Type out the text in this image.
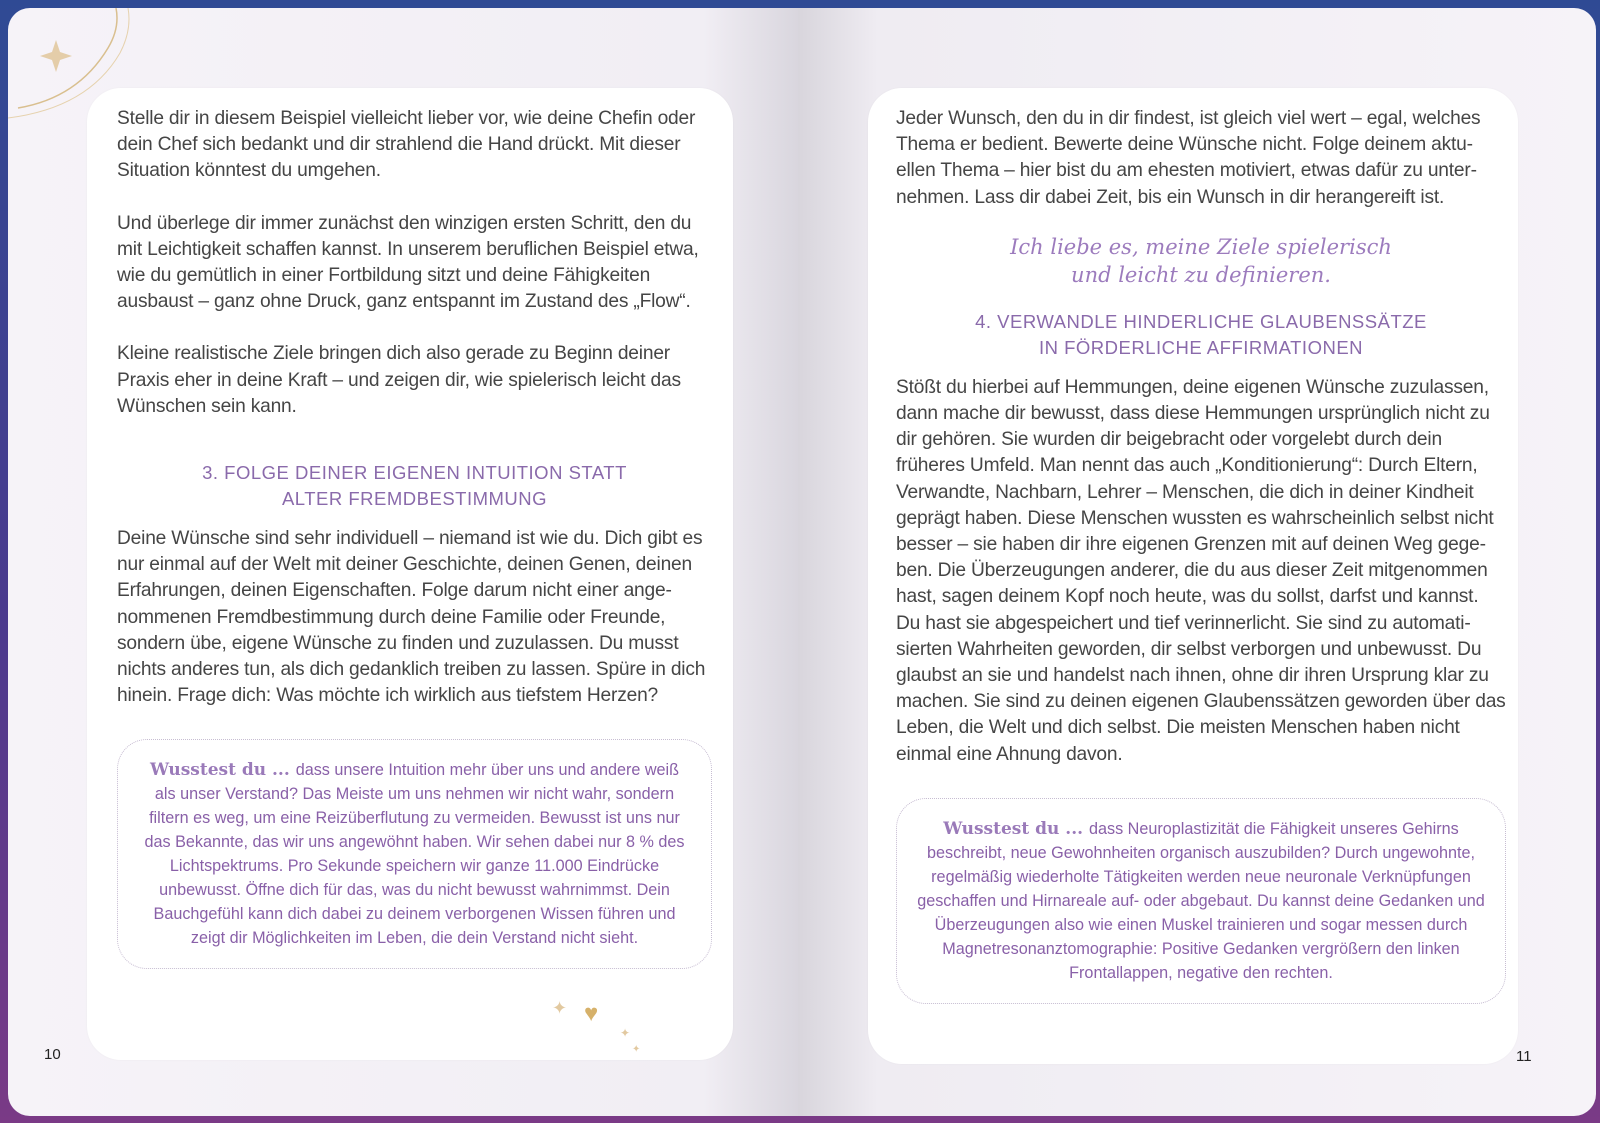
Stelle dir in diesem Beispiel vielleicht lieber vor, wie deine Chefin oder dein Chef sich bedankt und dir strahlend die Hand drückt. Mit dieser Situation könntest du umgehen.

Und überlege dir immer zunächst den winzigen ersten Schritt, den du mit Leichtigkeit schaffen kannst. In unserem beruflichen Beispiel etwa, wie du gemütlich in einer Fortbildung sitzt und deine Fähigkeiten ausbaust – ganz ohne Druck, ganz entspannt im Zustand des „Flow“.

Kleine realistische Ziele bringen dich also gerade zu Beginn deiner Praxis eher in deine Kraft – und zeigen dir, wie spielerisch leicht das Wünschen sein kann.

3. FOLGE DEINER EIGENEN INTUITION STATT
ALTER FREMDBESTIMMUNG

Deine Wünsche sind sehr individuell – niemand ist wie du. Dich gibt es nur einmal auf der Welt mit deiner Geschichte, deinen Genen, deinen Erfahrungen, deinen Eigenschaften. Folge darum nicht einer ange-nommenen Fremdbestimmung durch deine Familie oder Freunde, sondern übe, eigene Wünsche zu finden und zuzulassen. Du musst nichts anderes tun, als dich gedanklich treiben zu lassen. Spüre in dich hinein. Frage dich: Was möchte ich wirklich aus tiefstem Herzen?

Wusstest du ... dass unsere Intuition mehr über uns und andere weiß als unser Verstand? Das Meiste um uns nehmen wir nicht wahr, sondern filtern es weg, um eine Reizüberflutung zu vermeiden. Bewusst ist uns nur das Bekannte, das wir uns angewöhnt haben. Wir sehen dabei nur 8 % des Lichtspektrums. Pro Sekunde speichern wir ganze 11.000 Eindrücke unbewusst. Öffne dich für das, was du nicht bewusst wahrnimmst. Dein Bauchgefühl kann dich dabei zu deinem verborgenen Wissen führen und zeigt dir Möglichkeiten im Leben, die dein Verstand nicht sieht.
✦ ♥
✦
✦
10

Jeder Wunsch, den du in dir findest, ist gleich viel wert – egal, welches Thema er bedient. Bewerte deine Wünsche nicht. Folge deinem aktu-ellen Thema – hier bist du am ehesten motiviert, etwas dafür zu unter-nehmen. Lass dir dabei Zeit, bis ein Wunsch in dir herangereift ist.

Ich liebe es, meine Ziele spielerisch
und leicht zu definieren.
4. VERWANDLE HINDERLICHE GLAUBENSSÄTZE
IN FÖRDERLICHE AFFIRMATIONEN

Stößt du hierbei auf Hemmungen, deine eigenen Wünsche zuzulassen, dann mache dir bewusst, dass diese Hemmungen ursprünglich nicht zu dir gehören. Sie wurden dir beigebracht oder vorgelebt durch dein früheres Umfeld. Man nennt das auch „Konditionierung“: Durch Eltern, Verwandte, Nachbarn, Lehrer – Menschen, die dich in deiner Kindheit geprägt haben. Diese Menschen wussten es wahrscheinlich selbst nicht besser – sie haben dir ihre eigenen Grenzen mit auf deinen Weg gege-ben. Die Überzeugungen anderer, die du aus dieser Zeit mitgenommen hast, sagen deinem Kopf noch heute, was du sollst, darfst und kannst. Du hast sie abgespeichert und tief verinnerlicht. Sie sind zu automati-sierten Wahrheiten geworden, dir selbst verborgen und unbewusst. Du glaubst an sie und handelst nach ihnen, ohne dir ihren Ursprung klar zu machen. Sie sind zu deinen eigenen Glaubenssätzen geworden über das Leben, die Welt und dich selbst. Die meisten Menschen haben nicht einmal eine Ahnung davon.

Wusstest du ... dass Neuroplastizität die Fähigkeit unseres Gehirns beschreibt, neue Gewohnheiten organisch auszubilden? Durch ungewohnte, regelmäßig wiederholte Tätigkeiten werden neue neuronale Verknüpfungen geschaffen und Hirnareale auf- oder abgebaut. Du kannst deine Gedanken und Überzeugungen also wie einen Muskel trainieren und sogar messen durch Magnetresonanztomographie: Positive Gedanken vergrößern den linken Frontallappen, negative den rechten.
11
